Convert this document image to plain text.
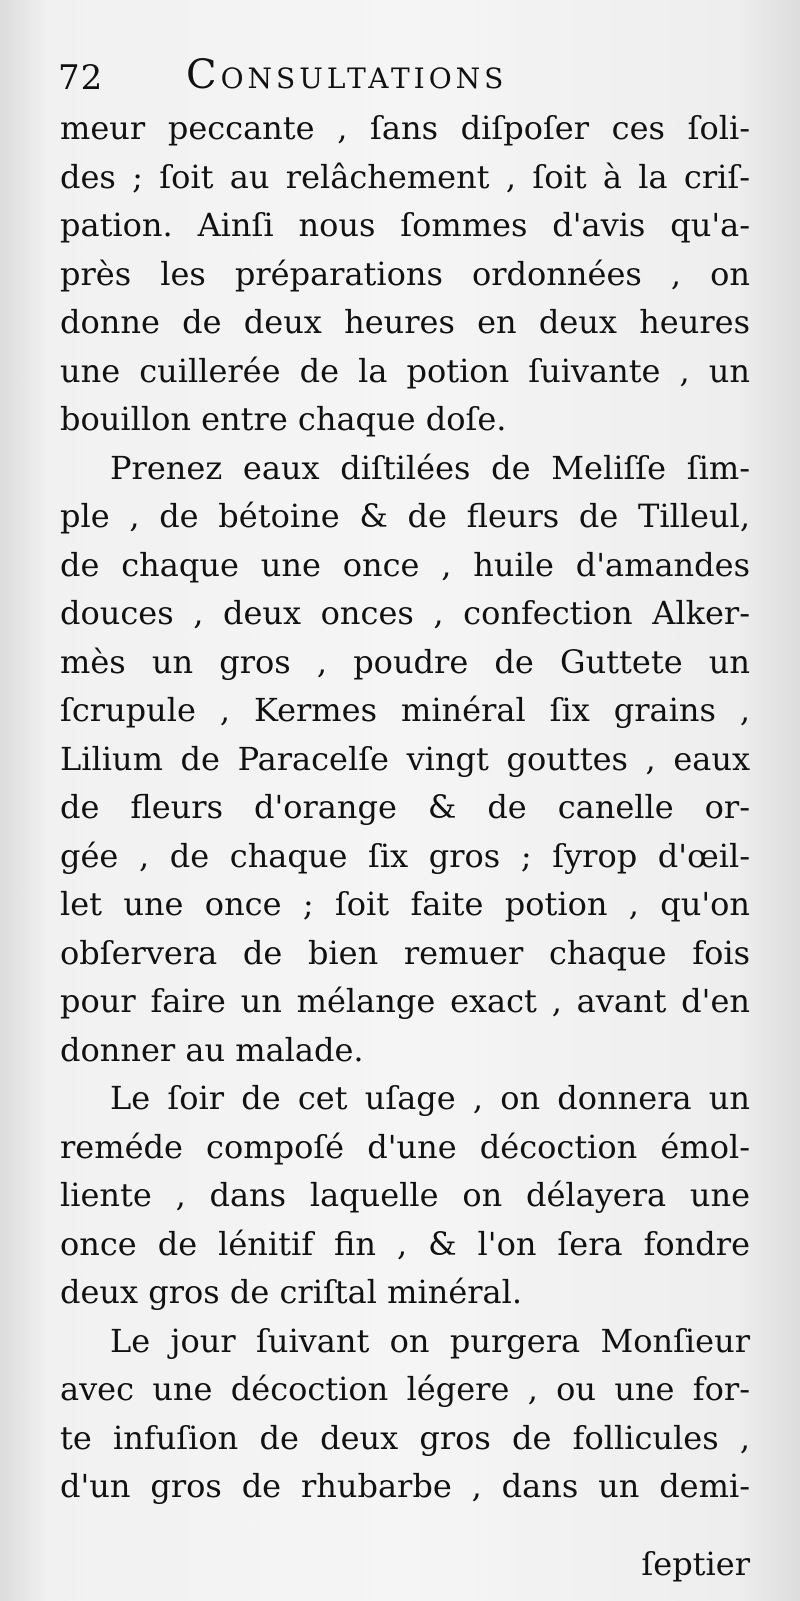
72 Consultations
meur peccante , ſans diſpoſer ces ſoli-
des ; ſoit au relâchement , ſoit à la criſ-
pation. Ainſi nous ſommes d'avis qu'a-
près les préparations ordonnées , on
donne de deux heures en deux heures
une cuillerée de la potion ſuivante , un
bouillon entre chaque doſe.
Prenez eaux diſtilées de Meliſſe ſim-
ple , de bétoine & de fleurs de Tilleul,
de chaque une once , huile d'amandes
douces , deux onces , confection Alker-
mès un gros , poudre de Guttete un
ſcrupule , Kermes minéral ſix grains ,
Lilium de Paracelſe vingt gouttes , eaux
de fleurs d'orange & de canelle or-
gée , de chaque ſix gros ; ſyrop d'œil-
let une once ; ſoit faite potion , qu'on
obſervera de bien remuer chaque fois
pour faire un mélange exact , avant d'en
donner au malade.
Le ſoir de cet uſage , on donnera un
reméde compoſé d'une décoction émol-
liente , dans laquelle on délayera une
once de lénitif fin , & l'on ſera fondre
deux gros de criſtal minéral.
Le jour ſuivant on purgera Monſieur
avec une décoction légere , ou une for-
te infuſion de deux gros de follicules ,
d'un gros de rhubarbe , dans un demi-
ſeptier
